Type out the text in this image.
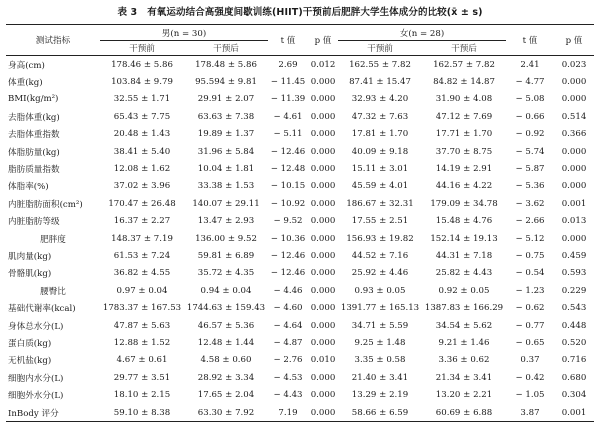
表 3 有氧运动结合高强度间歇训练(HIIT)干预前后肥胖大学生体成分的比较(x̄ ± s)
测试指标	男(n = 30)		t 值	p 值	女(n = 28)		t 值	p 值
	干预前	干预后			干预前	干预后		
身高(cm)	178.46 ± 5.86	178.48 ± 5.86	2.69	0.012	162.55 ± 7.82	162.57 ± 7.82	2.41	0.023
体重(kg)	103.84 ± 9.79	95.594 ± 9.81	− 11.45	0.000	87.41 ± 15.47	84.82 ± 14.87	− 4.77	0.000
BMI(kg/m²)	32.55 ± 1.71	29.91 ± 2.07	− 11.39	0.000	32.93 ± 4.20	31.90 ± 4.08	− 5.08	0.000
去脂体重(kg)	65.43 ± 7.75	63.63 ± 7.38	− 4.61	0.000	47.32 ± 7.63	47.12 ± 7.69	− 0.66	0.514
去脂体重指数	20.48 ± 1.43	19.89 ± 1.37	− 5.11	0.000	17.81 ± 1.70	17.71 ± 1.70	− 0.92	0.366
体脂肪量(kg)	38.41 ± 5.40	31.96 ± 5.84	− 12.46	0.000	40.09 ± 9.18	37.70 ± 8.75	− 5.74	0.000
脂肪质量指数	12.08 ± 1.62	10.04 ± 1.81	− 12.48	0.000	15.11 ± 3.01	14.19 ± 2.91	− 5.87	0.000
体脂率(%)	37.02 ± 3.96	33.38 ± 1.53	− 10.15	0.000	45.59 ± 4.01	44.16 ± 4.22	− 5.36	0.000
内脏脂肪面积(cm²)	170.47 ± 26.48	140.07 ± 29.11	− 10.92	0.000	186.67 ± 32.31	179.09 ± 34.78	− 3.62	0.001
内脏脂肪等级	16.37 ± 2.27	13.47 ± 2.93	− 9.52	0.000	17.55 ± 2.51	15.48 ± 4.76	− 2.66	0.013
肥胖度	148.37 ± 7.19	136.00 ± 9.52	− 10.36	0.000	156.93 ± 19.82	152.14 ± 19.13	− 5.12	0.000
肌肉量(kg)	61.53 ± 7.24	59.81 ± 6.89	− 12.46	0.000	44.52 ± 7.16	44.31 ± 7.18	− 0.75	0.459
骨骼肌(kg)	36.82 ± 4.55	35.72 ± 4.35	− 12.46	0.000	25.92 ± 4.46	25.82 ± 4.43	− 0.54	0.593
腰臀比	0.97 ± 0.04	0.94 ± 0.04	− 4.46	0.000	0.93 ± 0.05	0.92 ± 0.05	− 1.23	0.229
基础代谢率(kcal)	1783.37 ± 167.53	1744.63 ± 159.43	− 4.60	0.000	1391.77 ± 165.13	1387.83 ± 166.29	− 0.62	0.543
身体总水分(L)	47.87 ± 5.63	46.57 ± 5.36	− 4.64	0.000	34.71 ± 5.59	34.54 ± 5.62	− 0.77	0.448
蛋白质(kg)	12.88 ± 1.52	12.48 ± 1.44	− 4.87	0.000	9.25 ± 1.48	9.21 ± 1.46	− 0.65	0.520
无机盐(kg)	4.67 ± 0.61	4.58 ± 0.60	− 2.76	0.010	3.35 ± 0.58	3.36 ± 0.62	0.37	0.716
细胞内水分(L)	29.77 ± 3.51	28.92 ± 3.34	− 4.53	0.000	21.40 ± 3.41	21.34 ± 3.41	− 0.42	0.680
细胞外水分(L)	18.10 ± 2.15	17.65 ± 2.04	− 4.43	0.000	13.29 ± 2.19	13.20 ± 2.21	− 1.05	0.304
InBody 评分	59.10 ± 8.38	63.30 ± 7.92	7.19	0.000	58.66 ± 6.59	60.69 ± 6.88	3.87	0.001
